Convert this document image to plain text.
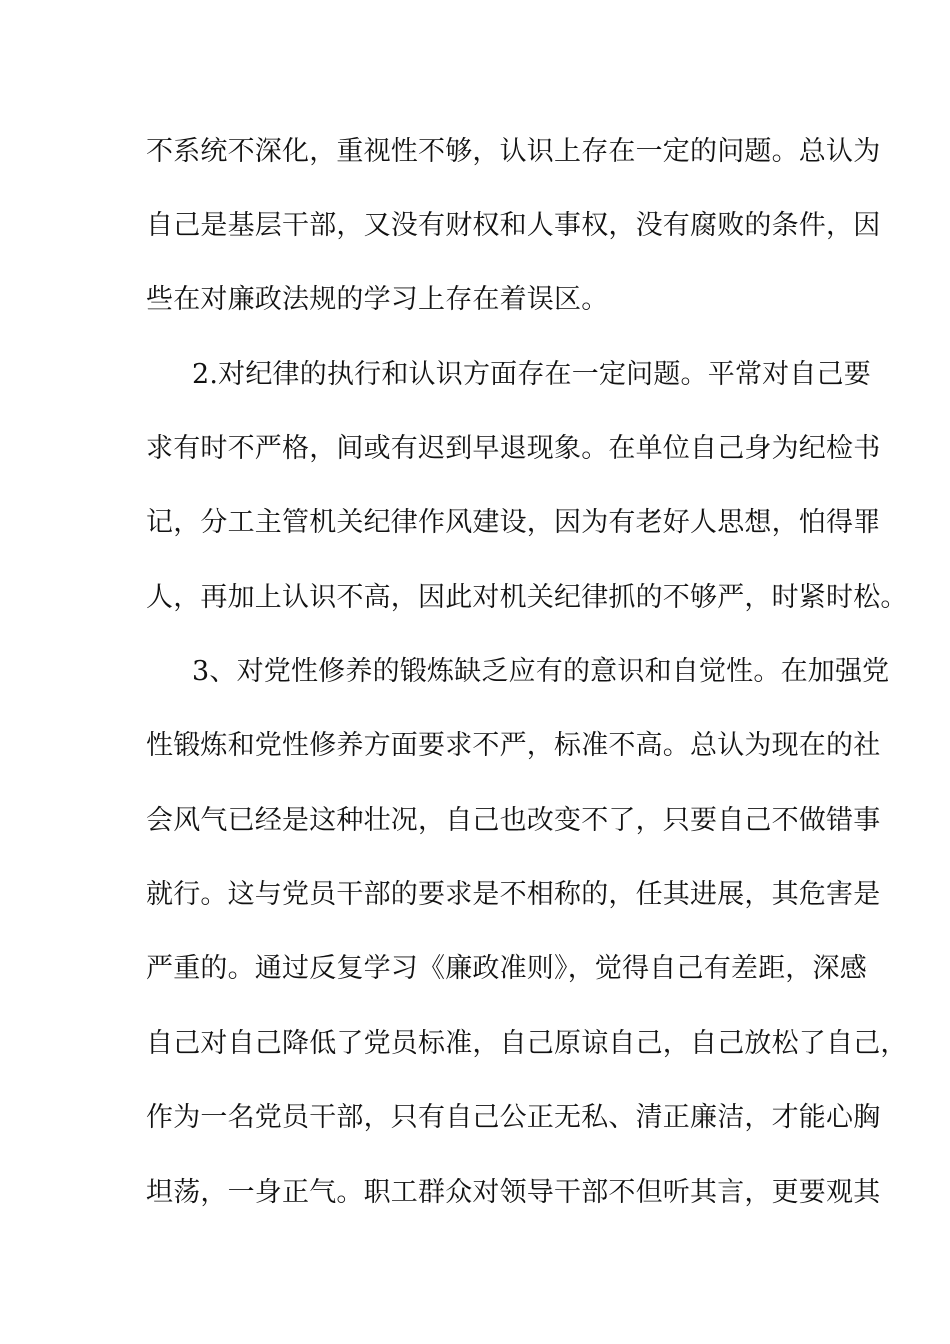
不系统不深化，重视性不够，认识上存在一定的问题。总认为
自己是基层干部，又没有财权和人事权，没有腐败的条件，因
些在对廉政法规的学习上存在着误区。
2.对纪律的执行和认识方面存在一定问题。平常对自己要
求有时不严格，间或有迟到早退现象。在单位自己身为纪检书
记，分工主管机关纪律作风建设，因为有老好人思想，怕得罪
人，再加上认识不高，因此对机关纪律抓的不够严，时紧时松。
3、对党性修养的锻炼缺乏应有的意识和自觉性。在加强党
性锻炼和党性修养方面要求不严，标准不高。总认为现在的社
会风气已经是这种壮况，自己也改变不了，只要自己不做错事
就行。这与党员干部的要求是不相称的，任其进展，其危害是
严重的。通过反复学习《廉政准则》，觉得自己有差距，深感
自己对自己降低了党员标准，自己原谅自己，自己放松了自己，
作为一名党员干部，只有自己公正无私、清正廉洁，才能心胸
坦荡，一身正气。职工群众对领导干部不但听其言，更要观其
